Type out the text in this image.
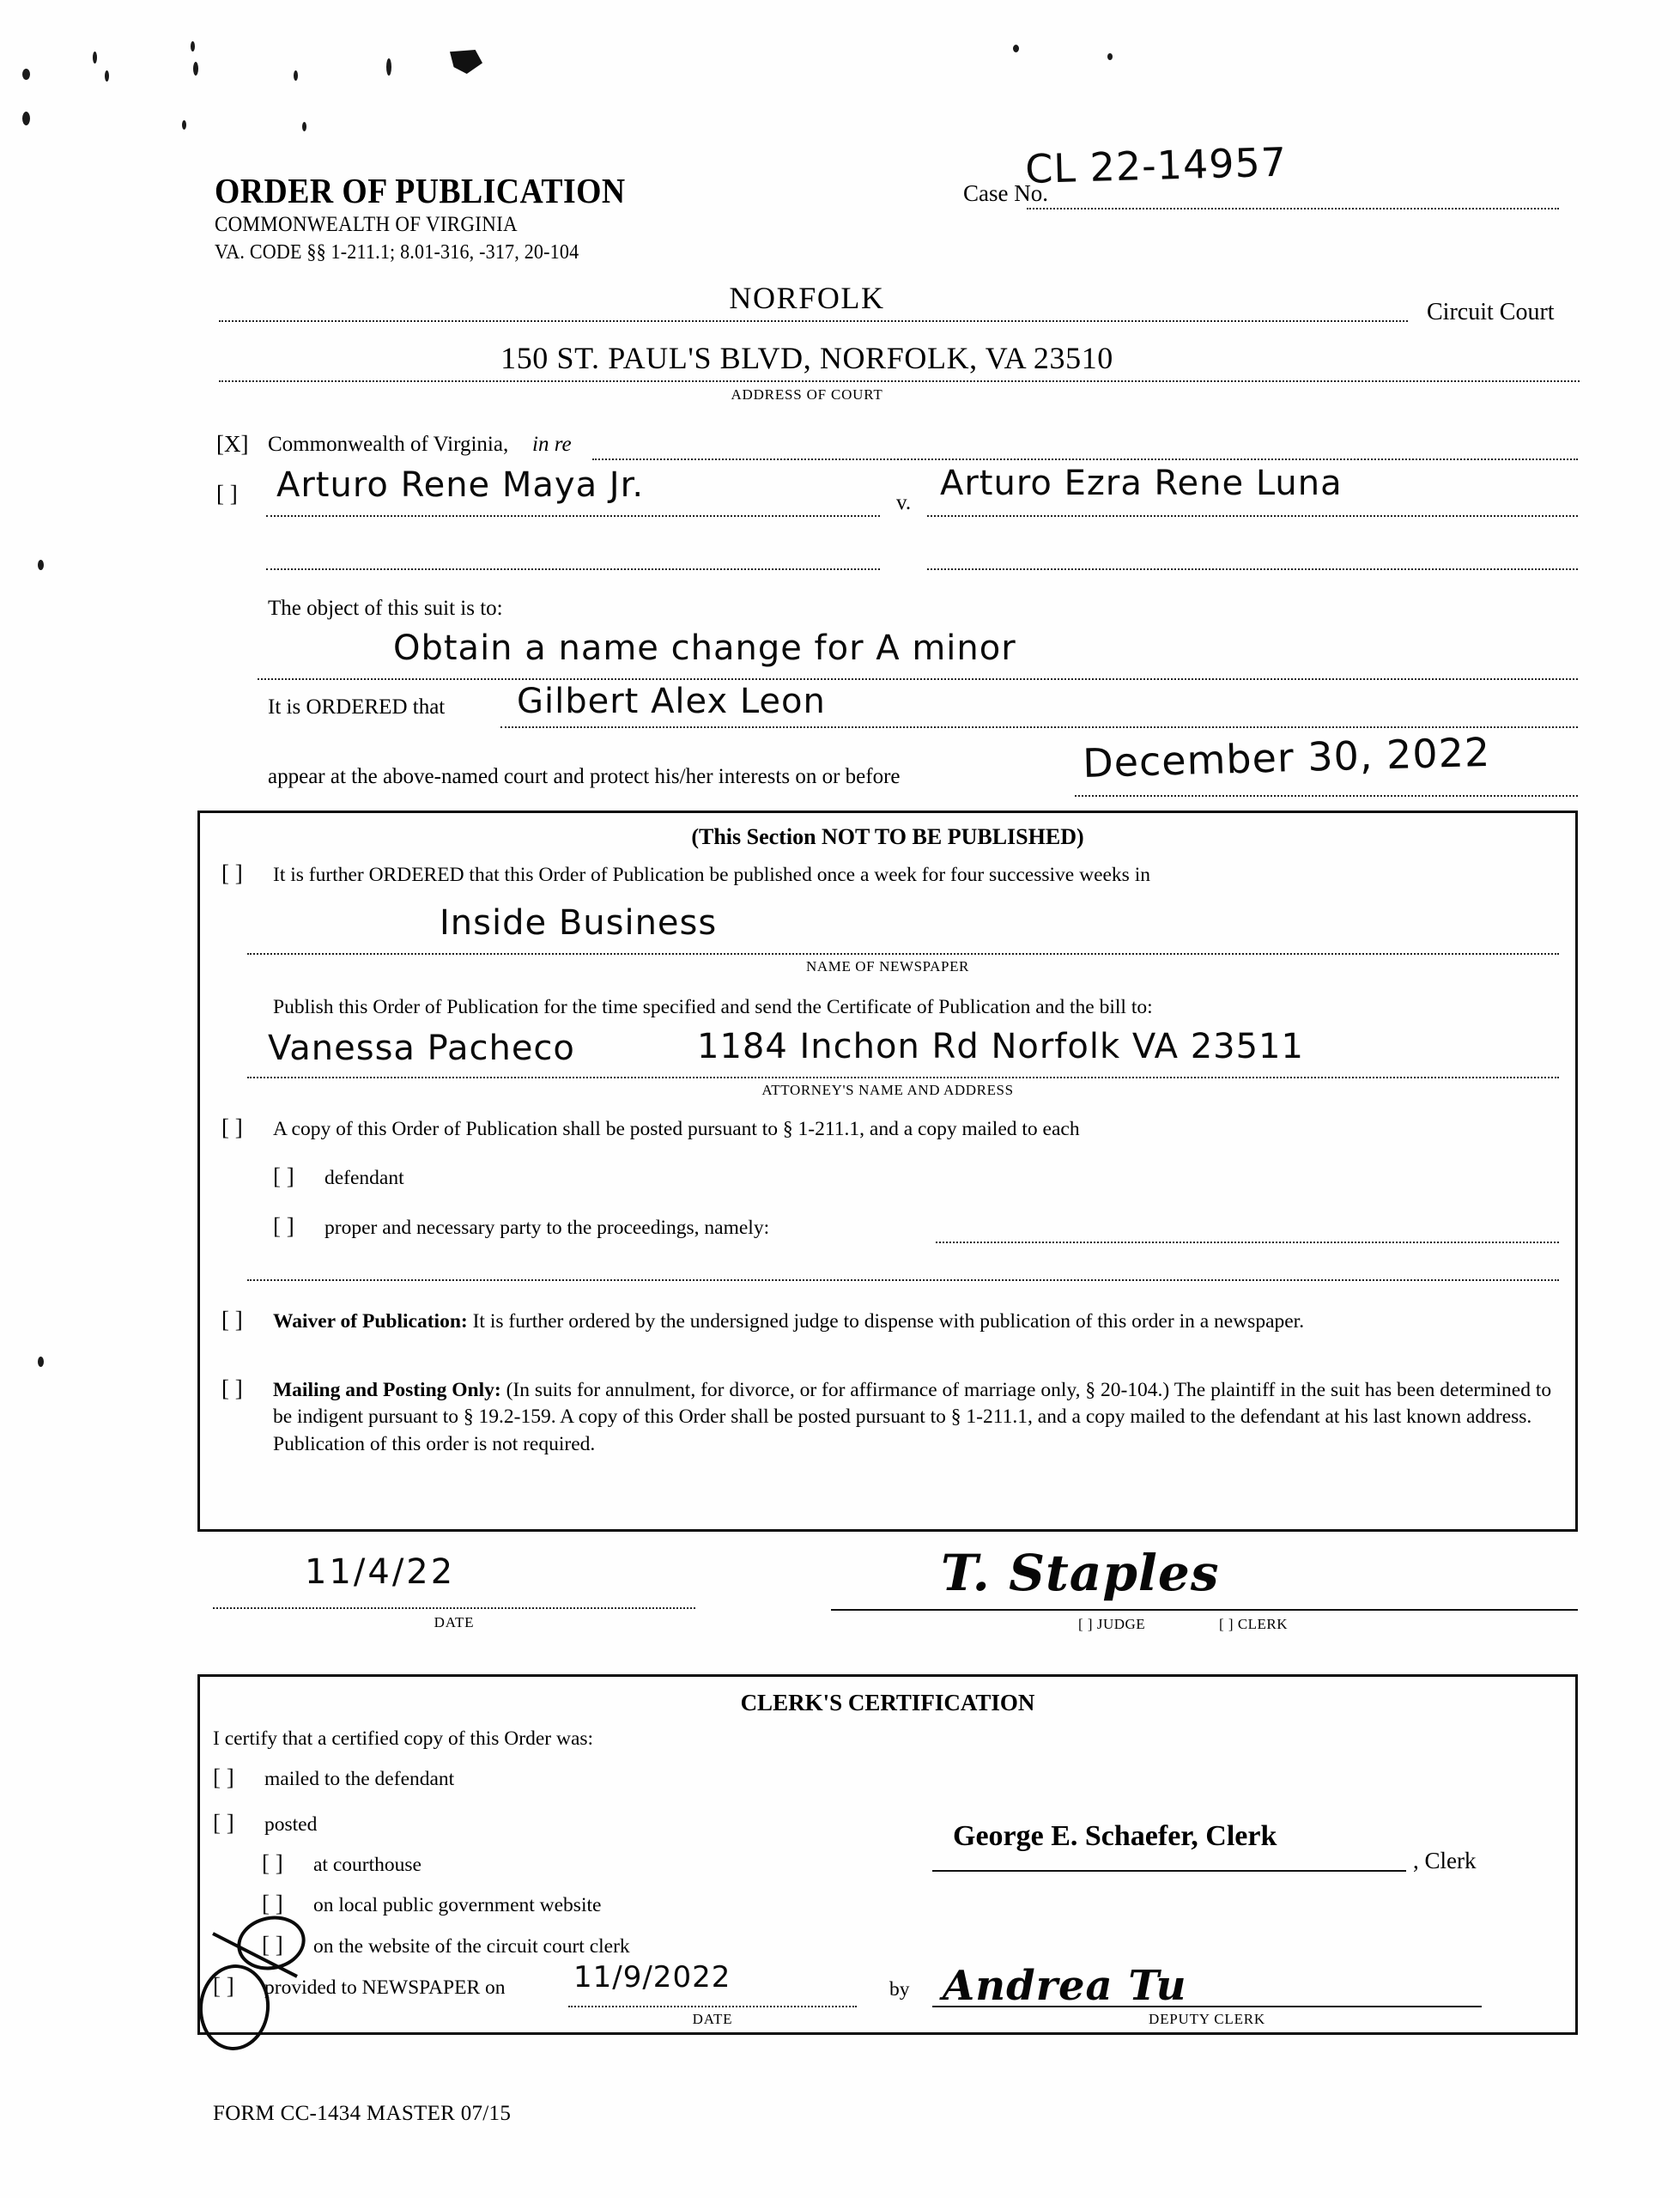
ORDER OF PUBLICATION
COMMONWEALTH OF VIRGINIA
VA. CODE §§ 1-211.1; 8.01-316, -317, 20-104
Case No.
CL 22-14957
NORFOLK	Circuit Court
150 ST. PAUL'S BLVD, NORFOLK, VA 23510
ADDRESS OF COURT
[X] Commonwealth of Virginia, in re
[ ] Arturo Rene Maya Jr.	v. Arturo Ezra Rene Luna
The object of this suit is to:
Obtain a name change for A minor
It is ORDERED that Gilbert Alex Leon
appear at the above-named court and protect his/her interests on or before	December 30, 2022
(This Section NOT TO BE PUBLISHED)
[ ] It is further ORDERED that this Order of Publication be published once a week for four successive weeks in
Inside Business
NAME OF NEWSPAPER
Publish this Order of Publication for the time specified and send the Certificate of Publication and the bill to:
Vanessa Pacheco	1184 Inchon Rd Norfolk VA 23511
ATTORNEY'S NAME AND ADDRESS
[ ] A copy of this Order of Publication shall be posted pursuant to § 1-211.1, and a copy mailed to each
[ ] defendant
[ ] proper and necessary party to the proceedings, namely:
[ ] Waiver of Publication: It is further ordered by the undersigned judge to dispense with publication of this order in a newspaper.
[ ] Mailing and Posting Only: (In suits for annulment, for divorce, or for affirmance of marriage only, § 20-104.) The plaintiff in the suit has been determined to be indigent pursuant to § 19.2-159. A copy of this Order shall be posted pursuant to § 1-211.1, and a copy mailed to the defendant at his last known address. Publication of this order is not required.
11/4/22
DATE
T. Staples
[ ] JUDGE	[ ] CLERK
CLERK'S CERTIFICATION
I certify that a certified copy of this Order was:
[ ] mailed to the defendant
[ ] posted
[ ] at courthouse
[ ] on local public government website
[ ] on the website of the circuit court clerk
[ ] provided to NEWSPAPER on 11/9/2022
DATE
by Andrea Tu
DEPUTY CLERK
George E. Schaefer, Clerk
, Clerk
FORM CC-1434 MASTER 07/15
